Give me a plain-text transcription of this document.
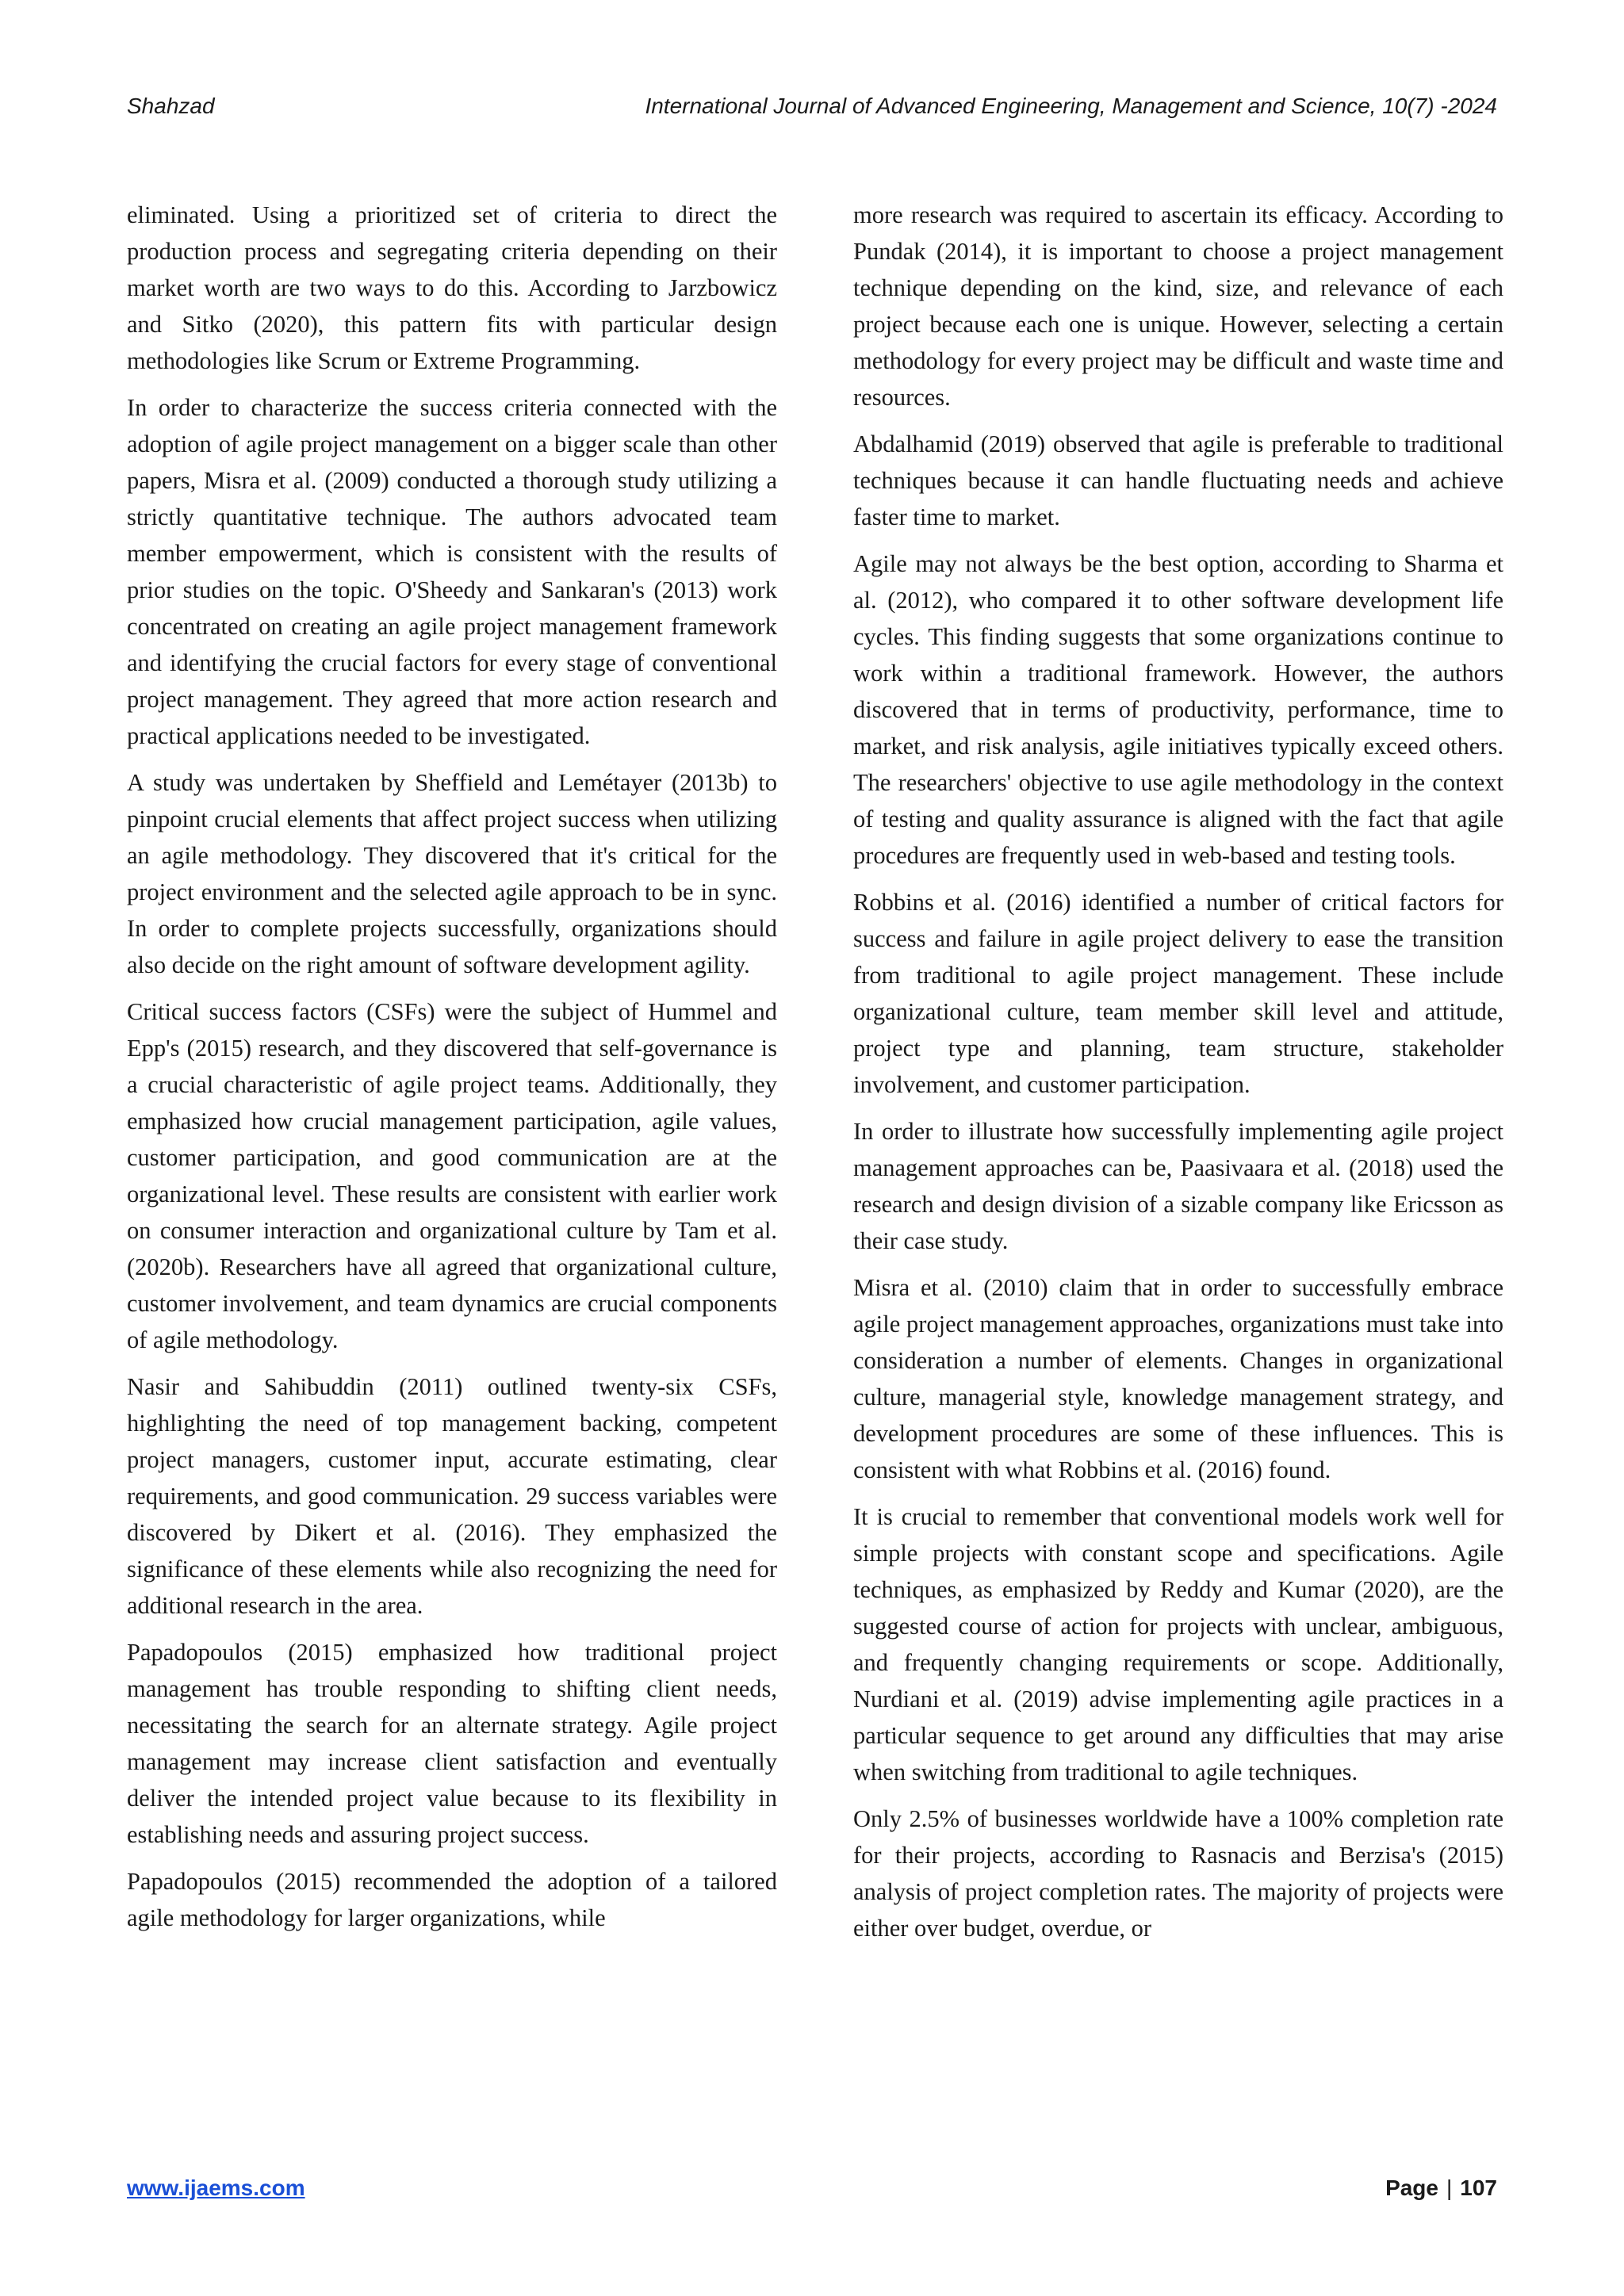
Shahzad	International Journal of Advanced Engineering, Management and Science, 10(7) -2024

eliminated. Using a prioritized set of criteria to direct the production process and segregating criteria depending on their market worth are two ways to do this. According to Jarzbowicz and Sitko (2020), this pattern fits with particular design methodologies like Scrum or Extreme Programming.

In order to characterize the success criteria connected with the adoption of agile project management on a bigger scale than other papers, Misra et al. (2009) conducted a thorough study utilizing a strictly quantitative technique. The authors advocated team member empowerment, which is consistent with the results of prior studies on the topic. O'Sheedy and Sankaran's (2013) work concentrated on creating an agile project management framework and identifying the crucial factors for every stage of conventional project management. They agreed that more action research and practical applications needed to be investigated.

A study was undertaken by Sheffield and Lemétayer (2013b) to pinpoint crucial elements that affect project success when utilizing an agile methodology. They discovered that it's critical for the project environment and the selected agile approach to be in sync. In order to complete projects successfully, organizations should also decide on the right amount of software development agility.

Critical success factors (CSFs) were the subject of Hummel and Epp's (2015) research, and they discovered that self-governance is a crucial characteristic of agile project teams. Additionally, they emphasized how crucial management participation, agile values, customer participation, and good communication are at the organizational level. These results are consistent with earlier work on consumer interaction and organizational culture by Tam et al. (2020b). Researchers have all agreed that organizational culture, customer involvement, and team dynamics are crucial components of agile methodology.

Nasir and Sahibuddin (2011) outlined twenty-six CSFs, highlighting the need of top management backing, competent project managers, customer input, accurate estimating, clear requirements, and good communication. 29 success variables were discovered by Dikert et al. (2016). They emphasized the significance of these elements while also recognizing the need for additional research in the area.

Papadopoulos (2015) emphasized how traditional project management has trouble responding to shifting client needs, necessitating the search for an alternate strategy. Agile project management may increase client satisfaction and eventually deliver the intended project value because to its flexibility in establishing needs and assuring project success.

Papadopoulos (2015) recommended the adoption of a tailored agile methodology for larger organizations, while

more research was required to ascertain its efficacy. According to Pundak (2014), it is important to choose a project management technique depending on the kind, size, and relevance of each project because each one is unique. However, selecting a certain methodology for every project may be difficult and waste time and resources.

Abdalhamid (2019) observed that agile is preferable to traditional techniques because it can handle fluctuating needs and achieve faster time to market.

Agile may not always be the best option, according to Sharma et al. (2012), who compared it to other software development life cycles. This finding suggests that some organizations continue to work within a traditional framework. However, the authors discovered that in terms of productivity, performance, time to market, and risk analysis, agile initiatives typically exceed others. The researchers' objective to use agile methodology in the context of testing and quality assurance is aligned with the fact that agile procedures are frequently used in web-based and testing tools.

Robbins et al. (2016) identified a number of critical factors for success and failure in agile project delivery to ease the transition from traditional to agile project management. These include organizational culture, team member skill level and attitude, project type and planning, team structure, stakeholder involvement, and customer participation.

In order to illustrate how successfully implementing agile project management approaches can be, Paasivaara et al. (2018) used the research and design division of a sizable company like Ericsson as their case study.

Misra et al. (2010) claim that in order to successfully embrace agile project management approaches, organizations must take into consideration a number of elements. Changes in organizational culture, managerial style, knowledge management strategy, and development procedures are some of these influences. This is consistent with what Robbins et al. (2016) found.

It is crucial to remember that conventional models work well for simple projects with constant scope and specifications. Agile techniques, as emphasized by Reddy and Kumar (2020), are the suggested course of action for projects with unclear, ambiguous, and frequently changing requirements or scope. Additionally, Nurdiani et al. (2019) advise implementing agile practices in a particular sequence to get around any difficulties that may arise when switching from traditional to agile techniques.

Only 2.5% of businesses worldwide have a 100% completion rate for their projects, according to Rasnacis and Berzisa's (2015) analysis of project completion rates. The majority of projects were either over budget, overdue, or

www.ijaems.com	Page | 107
